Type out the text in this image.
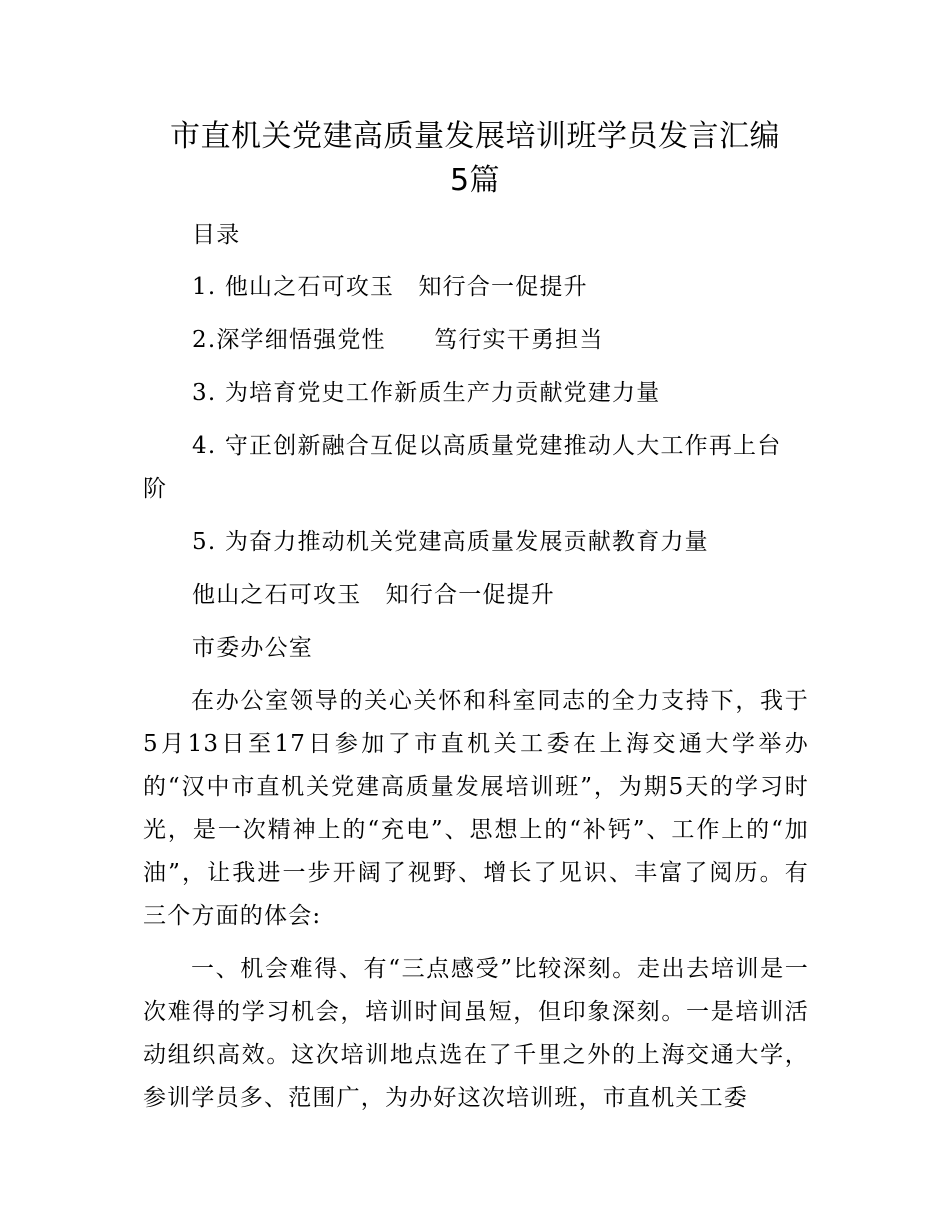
市直机关党建高质量发展培训班学员发言汇编
5篇
目录
1. 他山之石可攻玉　知行合一促提升
2.深学细悟强党性　　笃行实干勇担当
3. 为培育党史工作新质生产力贡献党建力量
4. 守正创新融合互促以高质量党建推动人大工作再上台
阶
5. 为奋力推动机关党建高质量发展贡献教育力量
他山之石可攻玉　知行合一促提升
市委办公室
在办公室领导的关心关怀和科室同志的全力支持下，我于5月13日至17日参加了市直机关工委在上海交通大学举办的“汉中市直机关党建高质量发展培训班”，为期5天的学习时光，是一次精神上的“充电”、思想上的“补钙”、工作上的“加油”，让我进一步开阔了视野、增长了见识、丰富了阅历。有三个方面的体会:
一、机会难得、有“三点感受”比较深刻。走出去培训是一次难得的学习机会，培训时间虽短，但印象深刻。一是培训活动组织高效。这次培训地点选在了千里之外的上海交通大学，参训学员多、范围广，为办好这次培训班，市直机关工委
